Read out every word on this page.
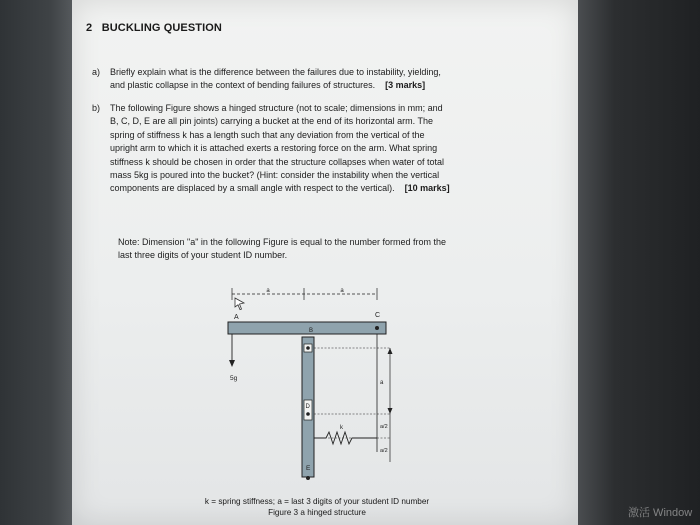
2 BUCKLING QUESTION
a) Briefly explain what is the difference between the failures due to instability, yielding,
and plastic collapse in the context of bending failures of structures. [3 marks]
b) The following Figure shows a hinged structure (not to scale; dimensions in mm; and
B, C, D, E are all pin joints) carrying a bucket at the end of its horizontal arm. The
spring of stiffness k has a length such that any deviation from the vertical of the
upright arm to which it is attached exerts a restoring force on the arm. What spring
stiffness k should be chosen in order that the structure collapses when water of total
mass 5kg is poured into the bucket? (Hint: consider the instability when the vertical
components are displaced by a small angle with respect to the vertical). [10 marks]
Note: Dimension "a" in the following Figure is equal to the number formed from the
last three digits of your student ID number.
a	a
A	C
B
5g
D
E
a
a/2
a/2
k
k = spring stiffness; a = last 3 digits of your student ID number
Figure 3 a hinged structure	激活 Window
